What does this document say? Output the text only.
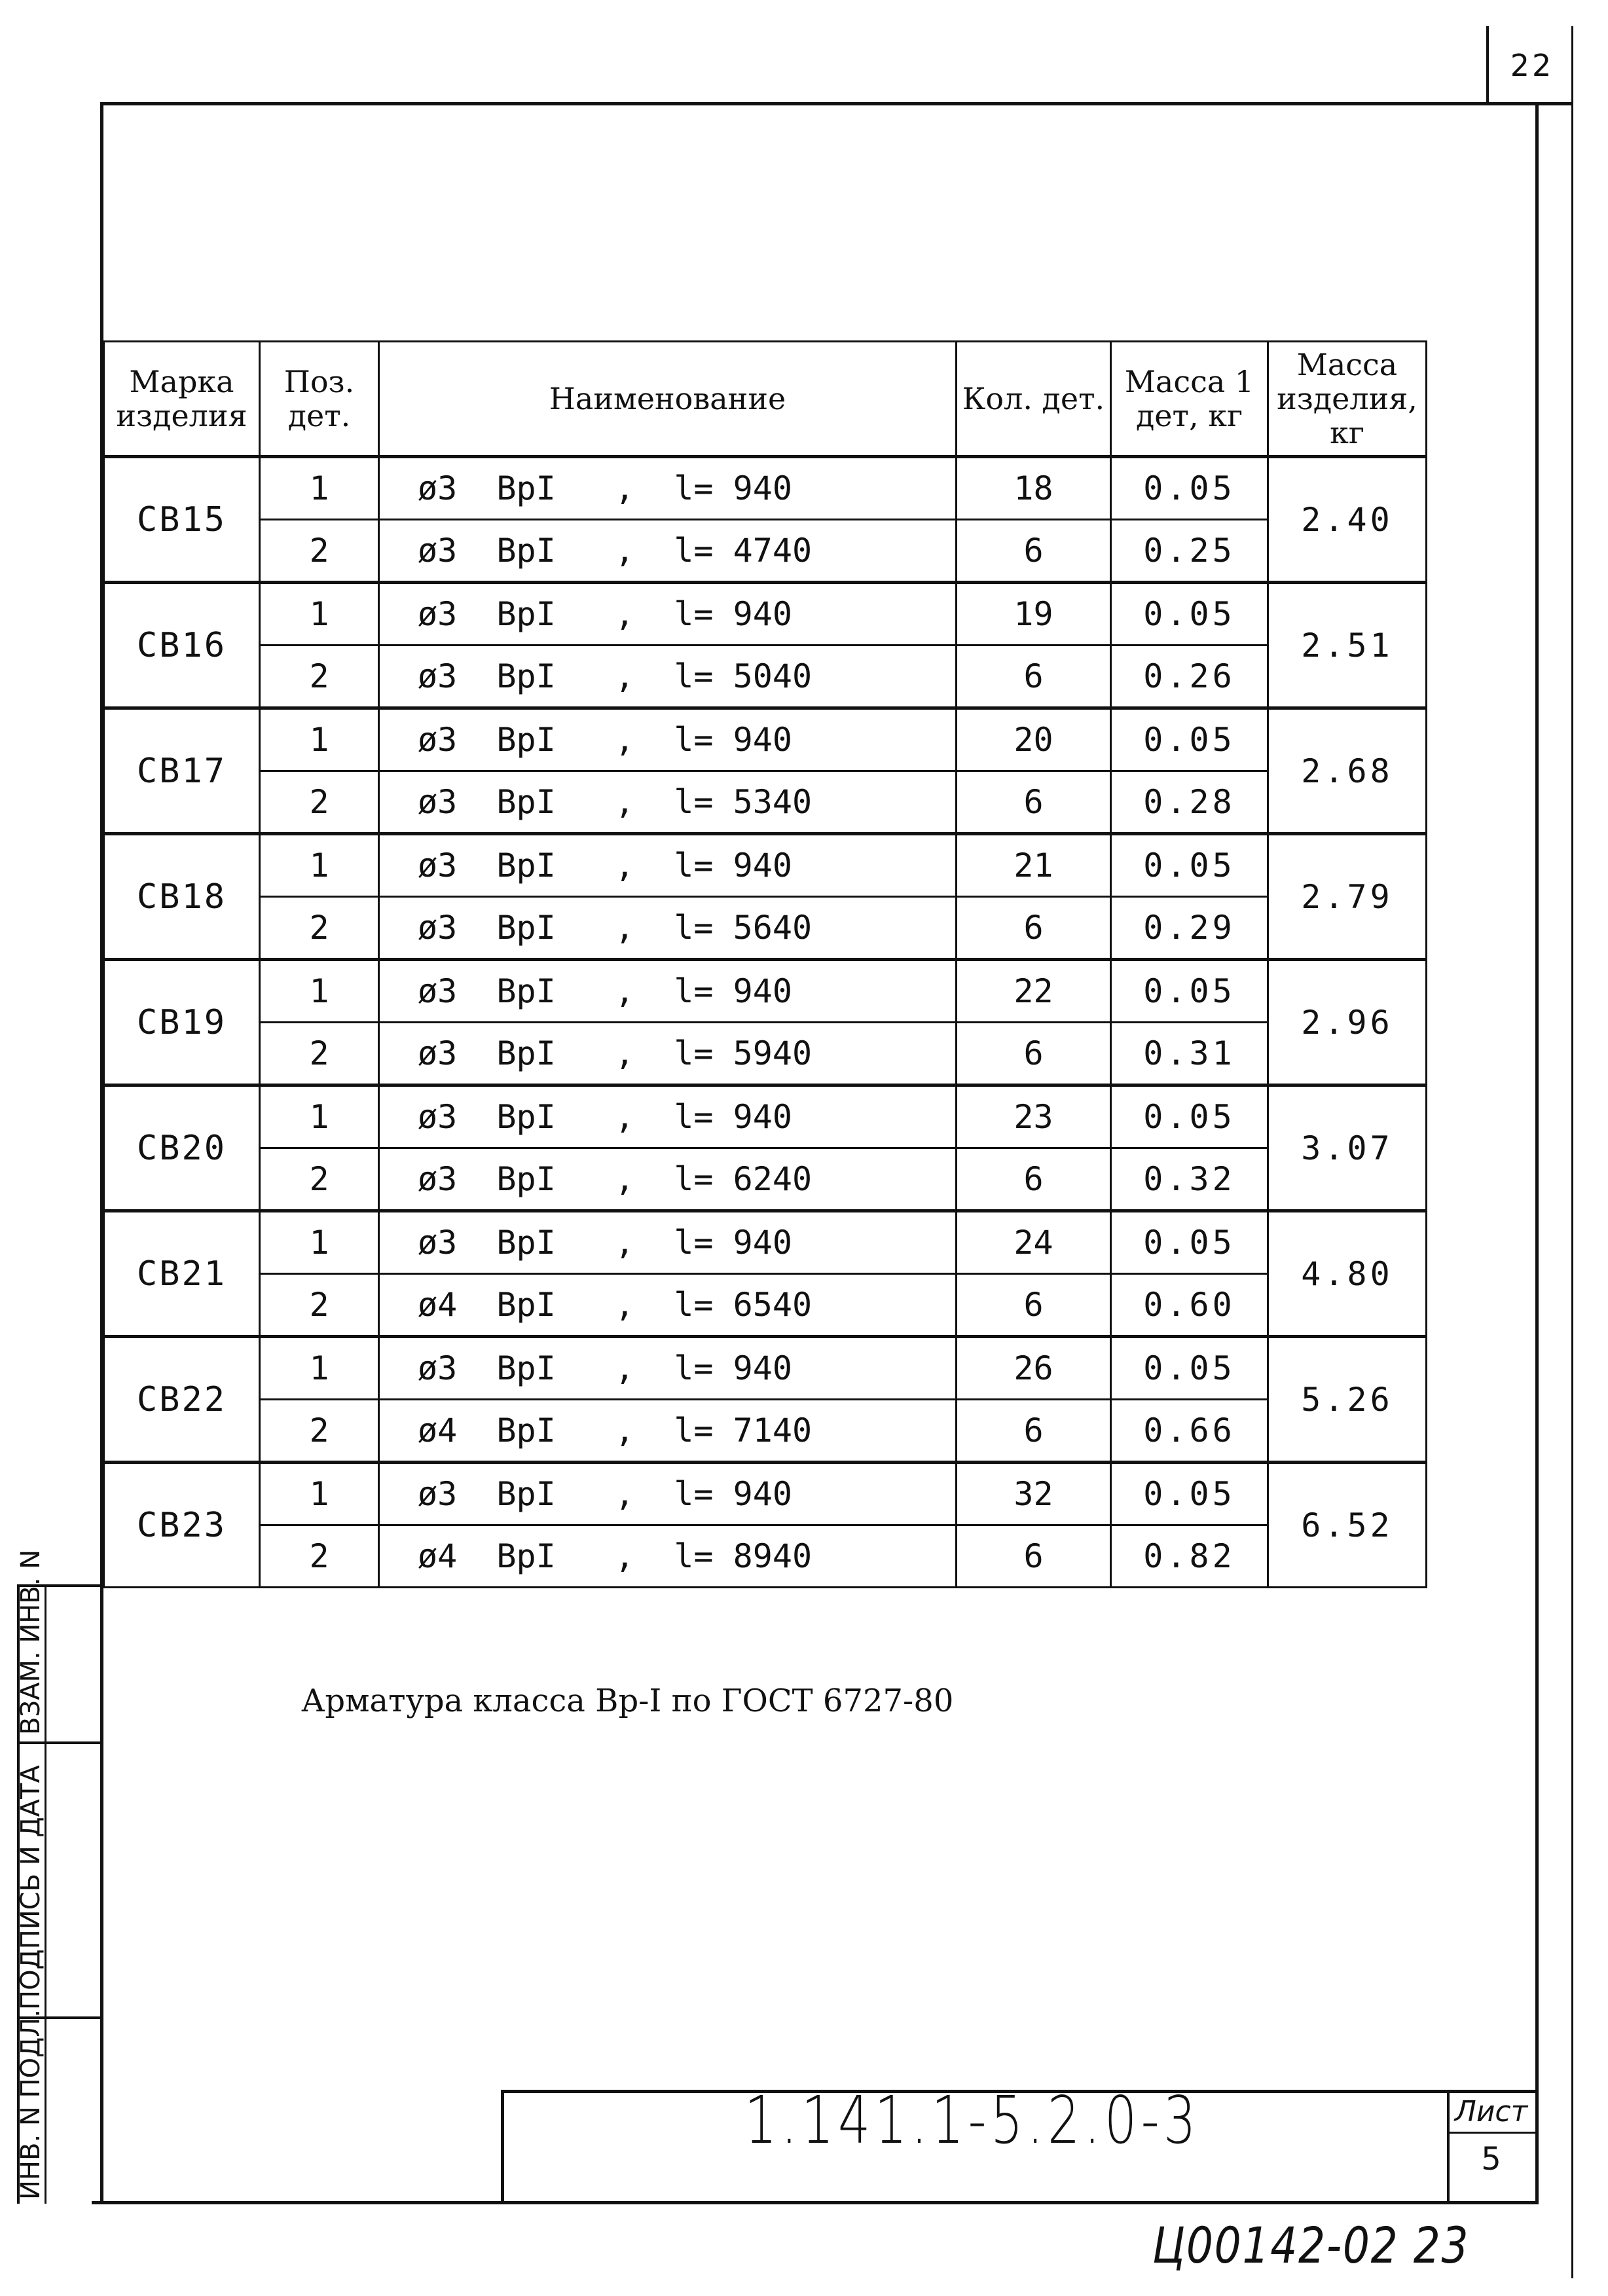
22
Марка изделия	Поз. дет.	Наименование	Кол. дет.	Масса 1 дет, кг	Масса изделия, кг
CB15	1	ø3  BpI   ,  l= 940	18	0.05	2.40
	2	ø3  BpI   ,  l= 4740	6	0.25	
CB16	1	ø3  BpI   ,  l= 940	19	0.05	2.51
	2	ø3  BpI   ,  l= 5040	6	0.26	
CB17	1	ø3  BpI   ,  l= 940	20	0.05	2.68
	2	ø3  BpI   ,  l= 5340	6	0.28	
CB18	1	ø3  BpI   ,  l= 940	21	0.05	2.79
	2	ø3  BpI   ,  l= 5640	6	0.29	
CB19	1	ø3  BpI   ,  l= 940	22	0.05	2.96
	2	ø3  BpI   ,  l= 5940	6	0.31	
CB20	1	ø3  BpI   ,  l= 940	23	0.05	3.07
	2	ø3  BpI   ,  l= 6240	6	0.32	
CB21	1	ø3  BpI   ,  l= 940	24	0.05	4.80
	2	ø4  BpI   ,  l= 6540	6	0.60	
CB22	1	ø3  BpI   ,  l= 940	26	0.05	5.26
	2	ø4  BpI   ,  l= 7140	6	0.66	
CB23	1	ø3  BpI   ,  l= 940	32	0.05	6.52
	2	ø4  BpI   ,  l= 8940	6	0.82	
Арматура класса Вр-I по ГОСТ 6727-80
ВЗАМ. ИНВ. N
ПОДПИСЬ И ДАТА
ИНВ. N ПОДЛ.	1.141.1-5.2.0-3	Лист
5
Ц00142-02 23
